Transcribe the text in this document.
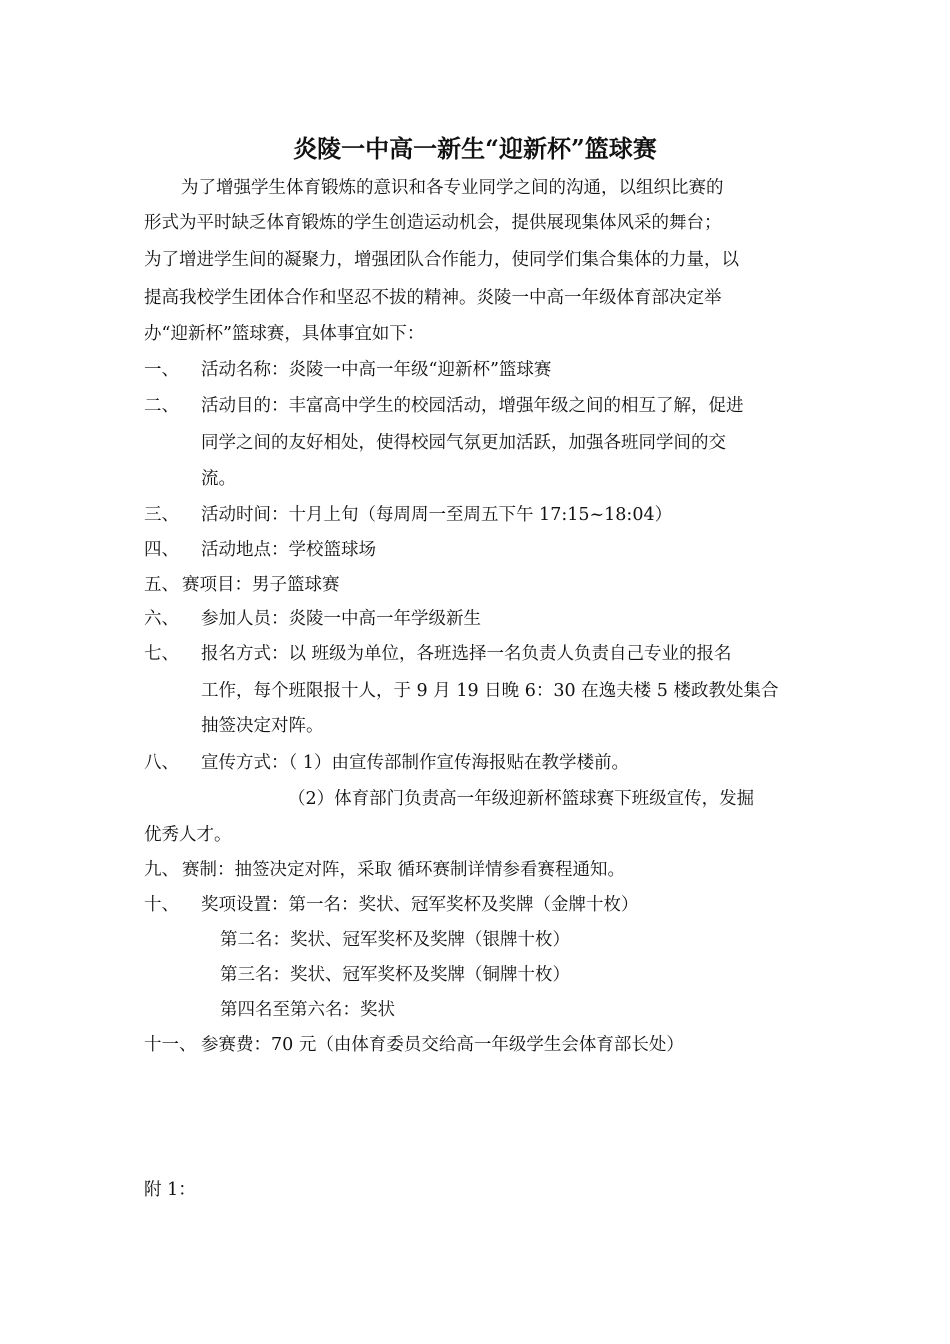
炎陵一中高一新生“迎新杯”篮球赛
为了增强学生体育锻炼的意识和各专业同学之间的沟通，以组织比赛的
形式为平时缺乏体育锻炼的学生创造运动机会，提供展现集体风采的舞台；
为了增进学生间的凝聚力，增强团队合作能力，使同学们集合集体的力量，以
提高我校学生团体合作和坚忍不拔的精神。炎陵一中高一年级体育部决定举
办“迎新杯”篮球赛，具体事宜如下：
一、 活动名称：炎陵一中高一年级“迎新杯”篮球赛
二、 活动目的：丰富高中学生的校园活动，增强年级之间的相互了解，促进
同学之间的友好相处，使得校园气氛更加活跃，加强各班同学间的交
流。
三、 活动时间：十月上旬（每周周一至周五下午 17:15~18:04）
四、 活动地点：学校篮球场
五、 赛项目：男子篮球赛
六、 参加人员：炎陵一中高一年学级新生
七、 报名方式：以 班级为单位，各班选择一名负责人负责自己专业的报名
工作，每个班限报十人，于 9 月 19 日晚 6：30 在逸夫楼 5 楼政教处集合
抽签决定对阵。
八、 宣传方式：（ 1）由宣传部制作宣传海报贴在教学楼前。
（2）体育部门负责高一年级迎新杯篮球赛下班级宣传，发掘
优秀人才。
九、 赛制：抽签决定对阵，采取 循环赛制详情参看赛程通知。
十、 奖项设置：第一名：奖状、冠军奖杯及奖牌（金牌十枚）
第二名：奖状、冠军奖杯及奖牌（银牌十枚）
第三名：奖状、冠军奖杯及奖牌（铜牌十枚）
第四名至第六名：奖状
十一、 参赛费：70 元（由体育委员交给高一年级学生会体育部长处）
附 1：
